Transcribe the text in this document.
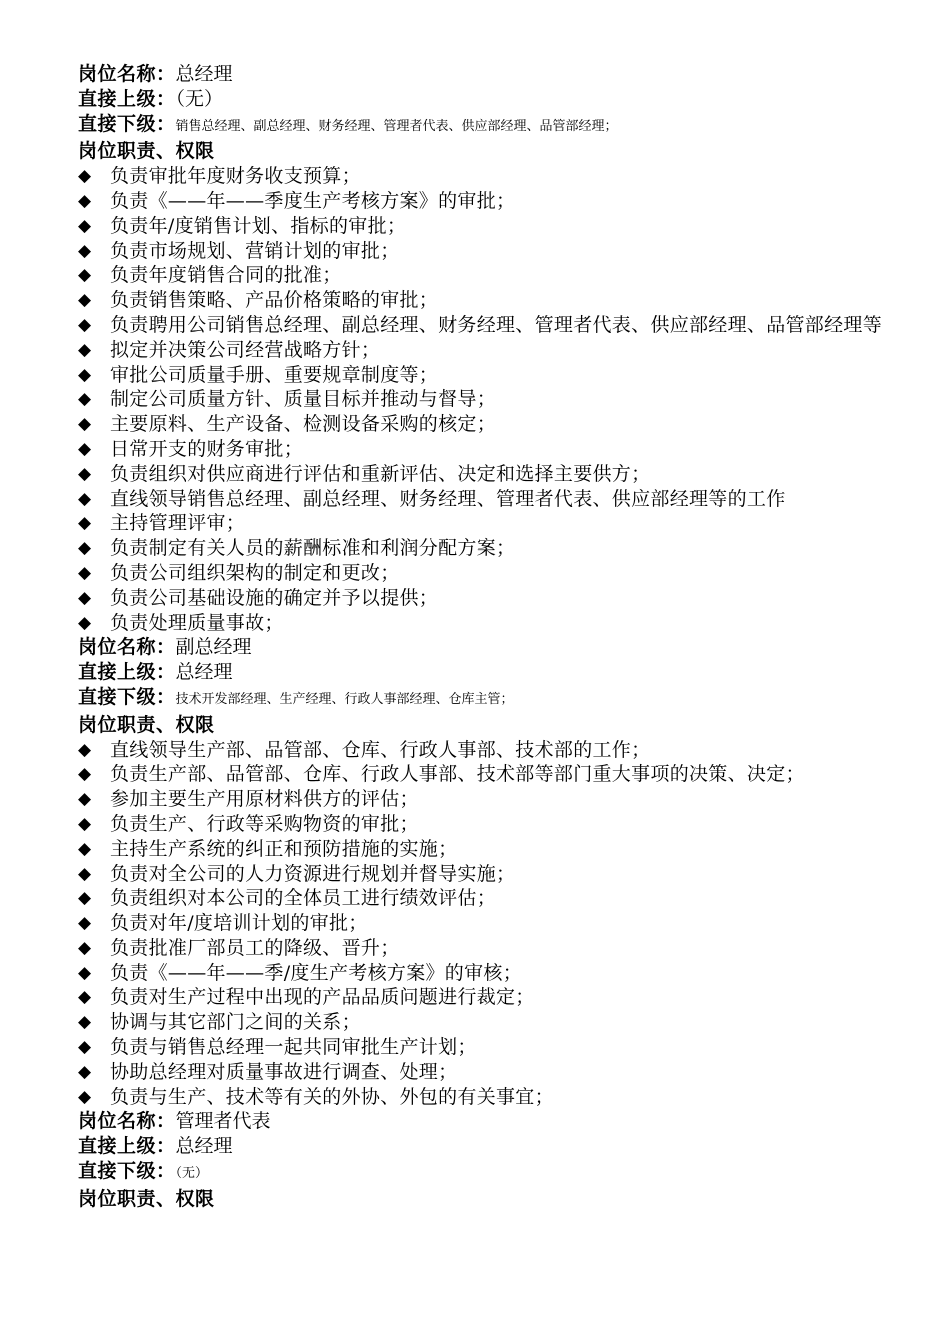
岗位名称：总经理
直接上级：（无）
直接下级：销售总经理、副总经理、财务经理、管理者代表、供应部经理、品管部经理；
岗位职责、权限
◆ 负责审批年度财务收支预算；
◆ 负责《——年——季度生产考核方案》的审批；
◆ 负责年/度销售计划、指标的审批；
◆ 负责市场规划、营销计划的审批；
◆ 负责年度销售合同的批准；
◆ 负责销售策略、产品价格策略的审批；
◆ 负责聘用公司销售总经理、副总经理、财务经理、管理者代表、供应部经理、品管部经理等
◆ 拟定并决策公司经营战略方针；
◆ 审批公司质量手册、重要规章制度等；
◆ 制定公司质量方针、质量目标并推动与督导；
◆ 主要原料、生产设备、检测设备采购的核定；
◆ 日常开支的财务审批；
◆ 负责组织对供应商进行评估和重新评估、决定和选择主要供方；
◆ 直线领导销售总经理、副总经理、财务经理、管理者代表、供应部经理等的工作
◆ 主持管理评审；
◆ 负责制定有关人员的薪酬标准和利润分配方案；
◆ 负责公司组织架构的制定和更改；
◆ 负责公司基础设施的确定并予以提供；
◆ 负责处理质量事故；
岗位名称：副总经理
直接上级：总经理
直接下级：技术开发部经理、生产经理、行政人事部经理、仓库主管；
岗位职责、权限
◆ 直线领导生产部、品管部、仓库、行政人事部、技术部的工作；
◆ 负责生产部、品管部、仓库、行政人事部、技术部等部门重大事项的决策、决定；
◆ 参加主要生产用原材料供方的评估；
◆ 负责生产、行政等采购物资的审批；
◆ 主持生产系统的纠正和预防措施的实施；
◆ 负责对全公司的人力资源进行规划并督导实施；
◆ 负责组织对本公司的全体员工进行绩效评估；
◆ 负责对年/度培训计划的审批；
◆ 负责批准厂部员工的降级、晋升；
◆ 负责《——年——季/度生产考核方案》的审核；
◆ 负责对生产过程中出现的产品品质问题进行裁定；
◆ 协调与其它部门之间的关系；
◆ 负责与销售总经理一起共同审批生产计划；
◆ 协助总经理对质量事故进行调查、处理；
◆ 负责与生产、技术等有关的外协、外包的有关事宜；
岗位名称：管理者代表
直接上级：总经理
直接下级：（无）
岗位职责、权限
